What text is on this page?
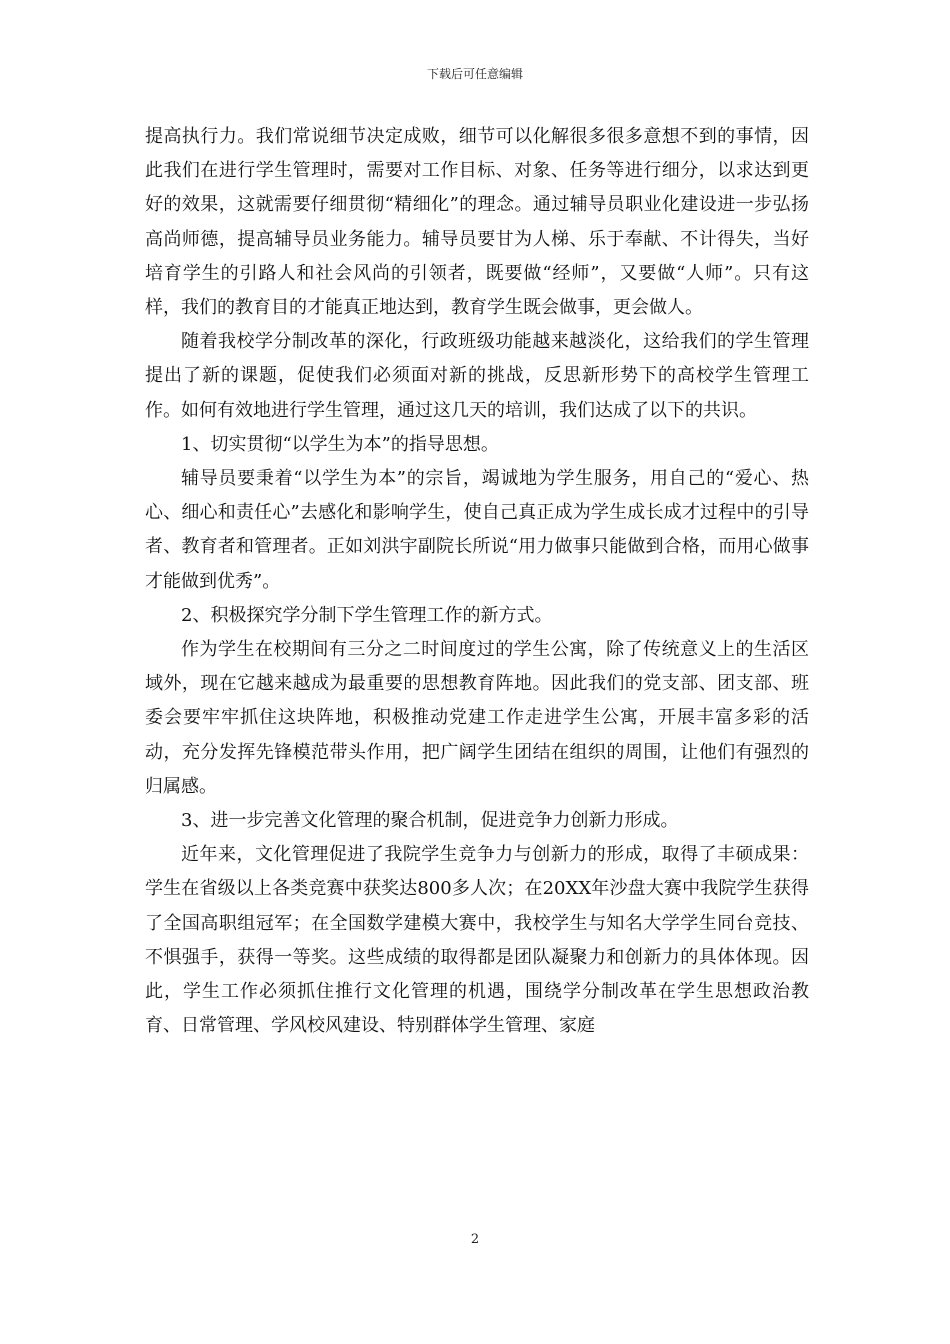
下载后可任意编辑

提高执行力。我们常说细节决定成败，细节可以化解很多很多意想不到的事情，因此我们在进行学生管理时，需要对工作目标、对象、任务等进行细分，以求达到更好的效果，这就需要仔细贯彻“精细化”的理念。通过辅导员职业化建设进一步弘扬高尚师德，提高辅导员业务能力。辅导员要甘为人梯、乐于奉献、不计得失，当好培育学生的引路人和社会风尚的引领者，既要做“经师”，又要做“人师”。只有这样，我们的教育目的才能真正地达到，教育学生既会做事，更会做人。

随着我校学分制改革的深化，行政班级功能越来越淡化，这给我们的学生管理提出了新的课题，促使我们必须面对新的挑战，反思新形势下的高校学生管理工作。如何有效地进行学生管理，通过这几天的培训，我们达成了以下的共识。

1、切实贯彻“以学生为本”的指导思想。

辅导员要秉着“以学生为本”的宗旨，竭诚地为学生服务，用自己的“爱心、热心、细心和责任心”去感化和影响学生，使自己真正成为学生成长成才过程中的引导者、教育者和管理者。正如刘洪宇副院长所说“用力做事只能做到合格，而用心做事才能做到优秀”。

2、积极探究学分制下学生管理工作的新方式。

作为学生在校期间有三分之二时间度过的学生公寓，除了传统意义上的生活区域外，现在它越来越成为最重要的思想教育阵地。因此我们的党支部、团支部、班委会要牢牢抓住这块阵地，积极推动党建工作走进学生公寓，开展丰富多彩的活动，充分发挥先锋模范带头作用，把广阔学生团结在组织的周围，让他们有强烈的归属感。

3、进一步完善文化管理的聚合机制，促进竞争力创新力形成。

近年来，文化管理促进了我院学生竞争力与创新力的形成，取得了丰硕成果：学生在省级以上各类竞赛中获奖达800多人次；在20XX年沙盘大赛中我院学生获得了全国高职组冠军；在全国数学建模大赛中，我校学生与知名大学学生同台竞技、不惧强手，获得一等奖。这些成绩的取得都是团队凝聚力和创新力的具体体现。因此，学生工作必须抓住推行文化管理的机遇，围绕学分制改革在学生思想政治教育、日常管理、学风校风建设、特别群体学生管理、家庭

2
